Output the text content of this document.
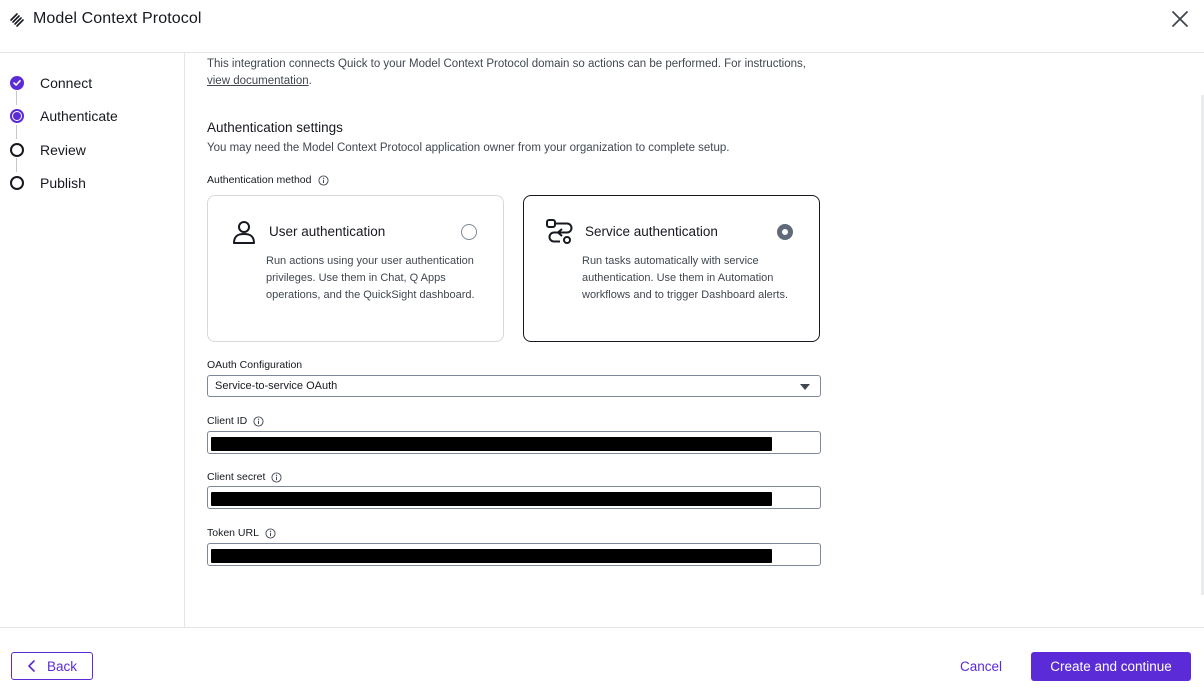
Model Context Protocol
Connect
Authenticate
Review
Publish
This integration connects Quick to your Model Context Protocol domain so actions can be performed. For instructions, view documentation.
Authentication settings
You may need the Model Context Protocol application owner from your organization to complete setup.
Authentication method
User authentication
Run actions using your user authentication privileges. Use them in Chat, Q Apps operations, and the QuickSight dashboard.
Service authentication
Run tasks automatically with service authentication. Use them in Automation workflows and to trigger Dashboard alerts.
OAuth Configuration
Service-to-service OAuth
Client ID
Client secret
Token URL
Back	Cancel	Create and continue
